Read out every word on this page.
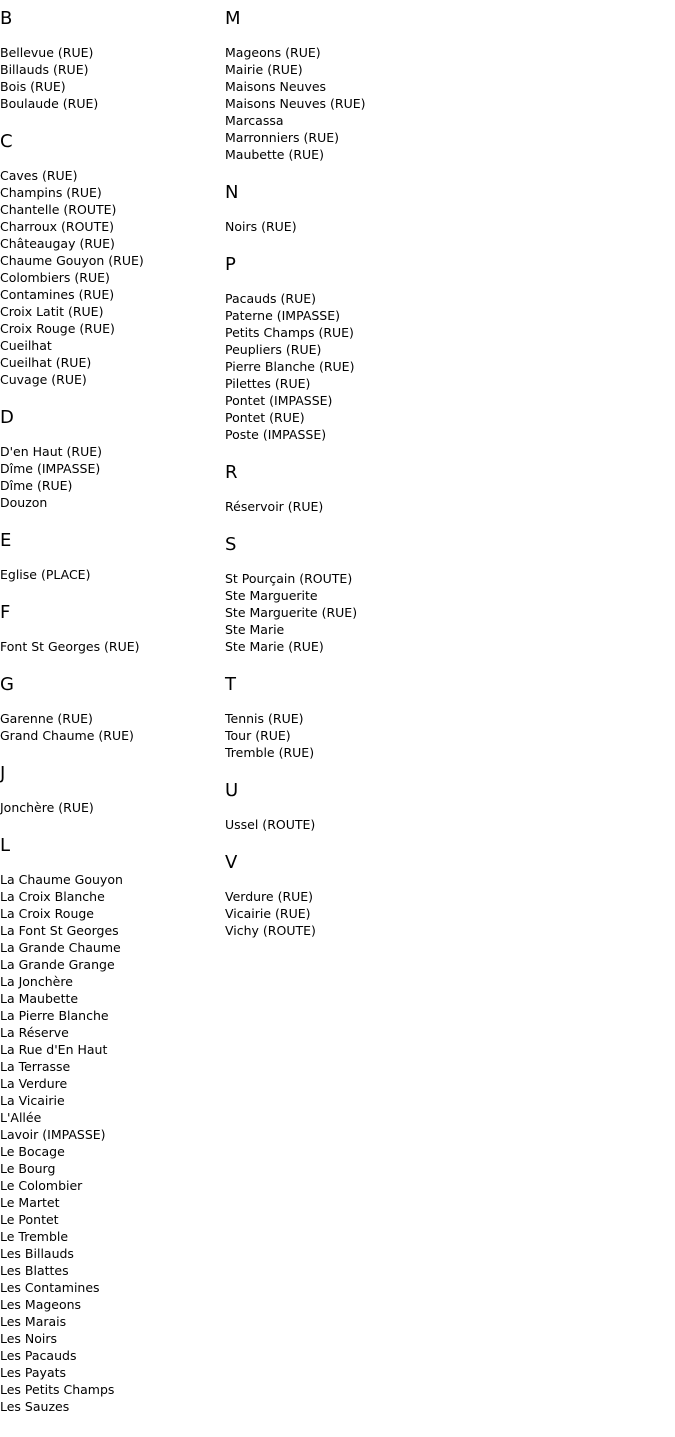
B
Bellevue (RUE)
Billauds (RUE)
Bois (RUE)
Boulaude (RUE)
C
Caves (RUE)
Champins (RUE)
Chantelle (ROUTE)
Charroux (ROUTE)
Châteaugay (RUE)
Chaume Gouyon (RUE)
Colombiers (RUE)
Contamines (RUE)
Croix Latit (RUE)
Croix Rouge (RUE)
Cueilhat
Cueilhat (RUE)
Cuvage (RUE)
D
D'en Haut (RUE)
Dîme (IMPASSE)
Dîme (RUE)
Douzon
E
Eglise (PLACE)
F
Font St Georges (RUE)
G
Garenne (RUE)
Grand Chaume (RUE)
J
Jonchère (RUE)
L
La Chaume Gouyon
La Croix Blanche
La Croix Rouge
La Font St Georges
La Grande Chaume
La Grande Grange
La Jonchère
La Maubette
La Pierre Blanche
La Réserve
La Rue d'En Haut
La Terrasse
La Verdure
La Vicairie
L'Allée
Lavoir (IMPASSE)
Le Bocage
Le Bourg
Le Colombier
Le Martet
Le Pontet
Le Tremble
Les Billauds
Les Blattes
Les Contamines
Les Mageons
Les Marais
Les Noirs
Les Pacauds
Les Payats
Les Petits Champs
Les Sauzes
M
Mageons (RUE)
Mairie (RUE)
Maisons Neuves
Maisons Neuves (RUE)
Marcassa
Marronniers (RUE)
Maubette (RUE)
N
Noirs (RUE)
P
Pacauds (RUE)
Paterne (IMPASSE)
Petits Champs (RUE)
Peupliers (RUE)
Pierre Blanche (RUE)
Pilettes (RUE)
Pontet (IMPASSE)
Pontet (RUE)
Poste (IMPASSE)
R
Réservoir (RUE)
S
St Pourçain (ROUTE)
Ste Marguerite
Ste Marguerite (RUE)
Ste Marie
Ste Marie (RUE)
T
Tennis (RUE)
Tour (RUE)
Tremble (RUE)
U
Ussel (ROUTE)
V
Verdure (RUE)
Vicairie (RUE)
Vichy (ROUTE)
